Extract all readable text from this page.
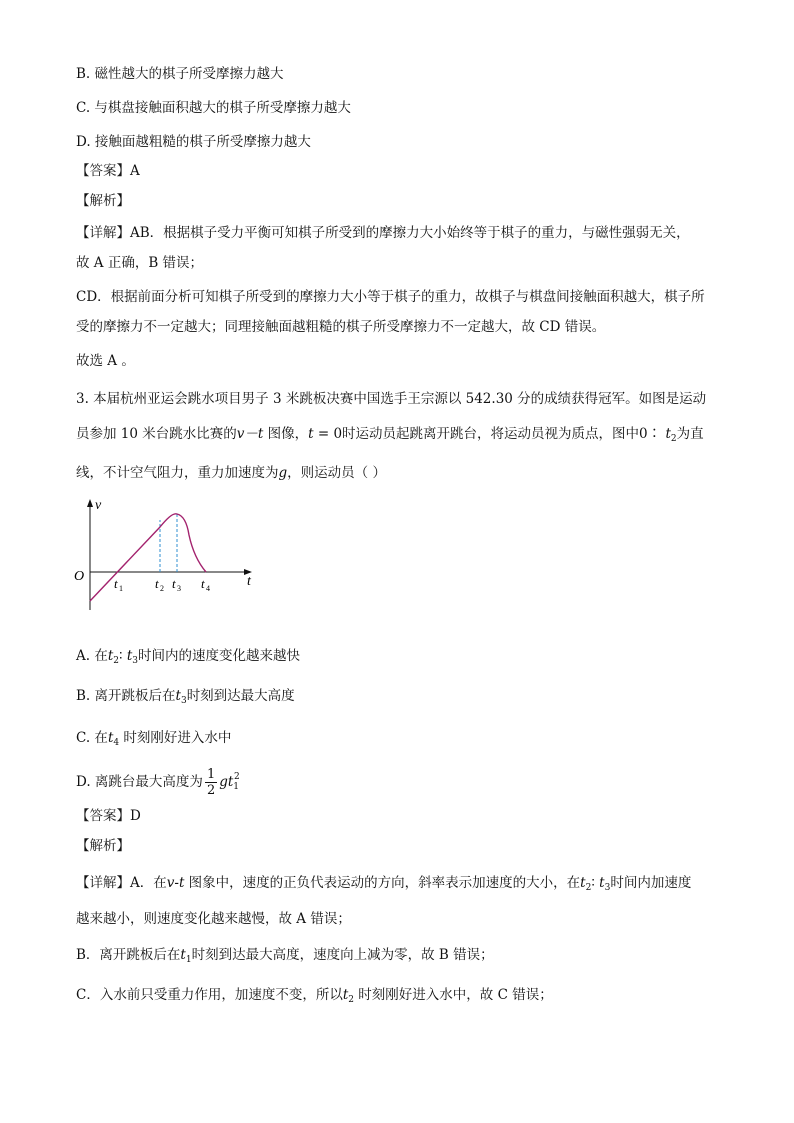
B. 磁性越大的棋子所受摩擦力越大
C. 与棋盘接触面积越大的棋子所受摩擦力越大
D. 接触面越粗糙的棋子所受摩擦力越大
【答案】A
【解析】
【详解】AB．根据棋子受力平衡可知棋子所受到的摩擦力大小始终等于棋子的重力，与磁性强弱无关，
故 A 正确，B 错误；
CD．根据前面分析可知棋子所受到的摩擦力大小等于棋子的重力，故棋子与棋盘间接触面积越大，棋子所
受的摩擦力不一定越大；同理接触面越粗糙的棋子所受摩擦力不一定越大，故 CD 错误。
故选 A 。
3. 本届杭州亚运会跳水项目男子 3 米跳板决赛中国选手王宗源以 542.30 分的成绩获得冠军。如图是运动
员参加 10 米台跳水比赛的v－t 图像，t = 0时运动员起跳离开跳台，将运动员视为质点，图中0∶ $t_2$为直
线，不计空气阻力，重力加速度为g，则运动员（ ）
v
t
O t 1 t 2 t 3 t 4
A. 在$t_2∶$ $t_3$时间内的速度变化越来越快
B. 离开跳板后在$t_3$时刻到达最大高度
C. 在$t_4$ 时刻刚好进入水中
D. 离跳台最大高度为 $\frac{1}{2} gt_1^2$
【答案】D
【解析】
【详解】A．在v-t 图象中，速度的正负代表运动的方向，斜率表示加速度的大小，在$t_2∶$ $t_3$时间内加速度
越来越小，则速度变化越来越慢，故 A 错误；
B．离开跳板后在$t_1$时刻到达最大高度，速度向上减为零，故 B 错误；
C．入水前只受重力作用，加速度不变，所以$t_2$ 时刻刚好进入水中，故 C 错误；
